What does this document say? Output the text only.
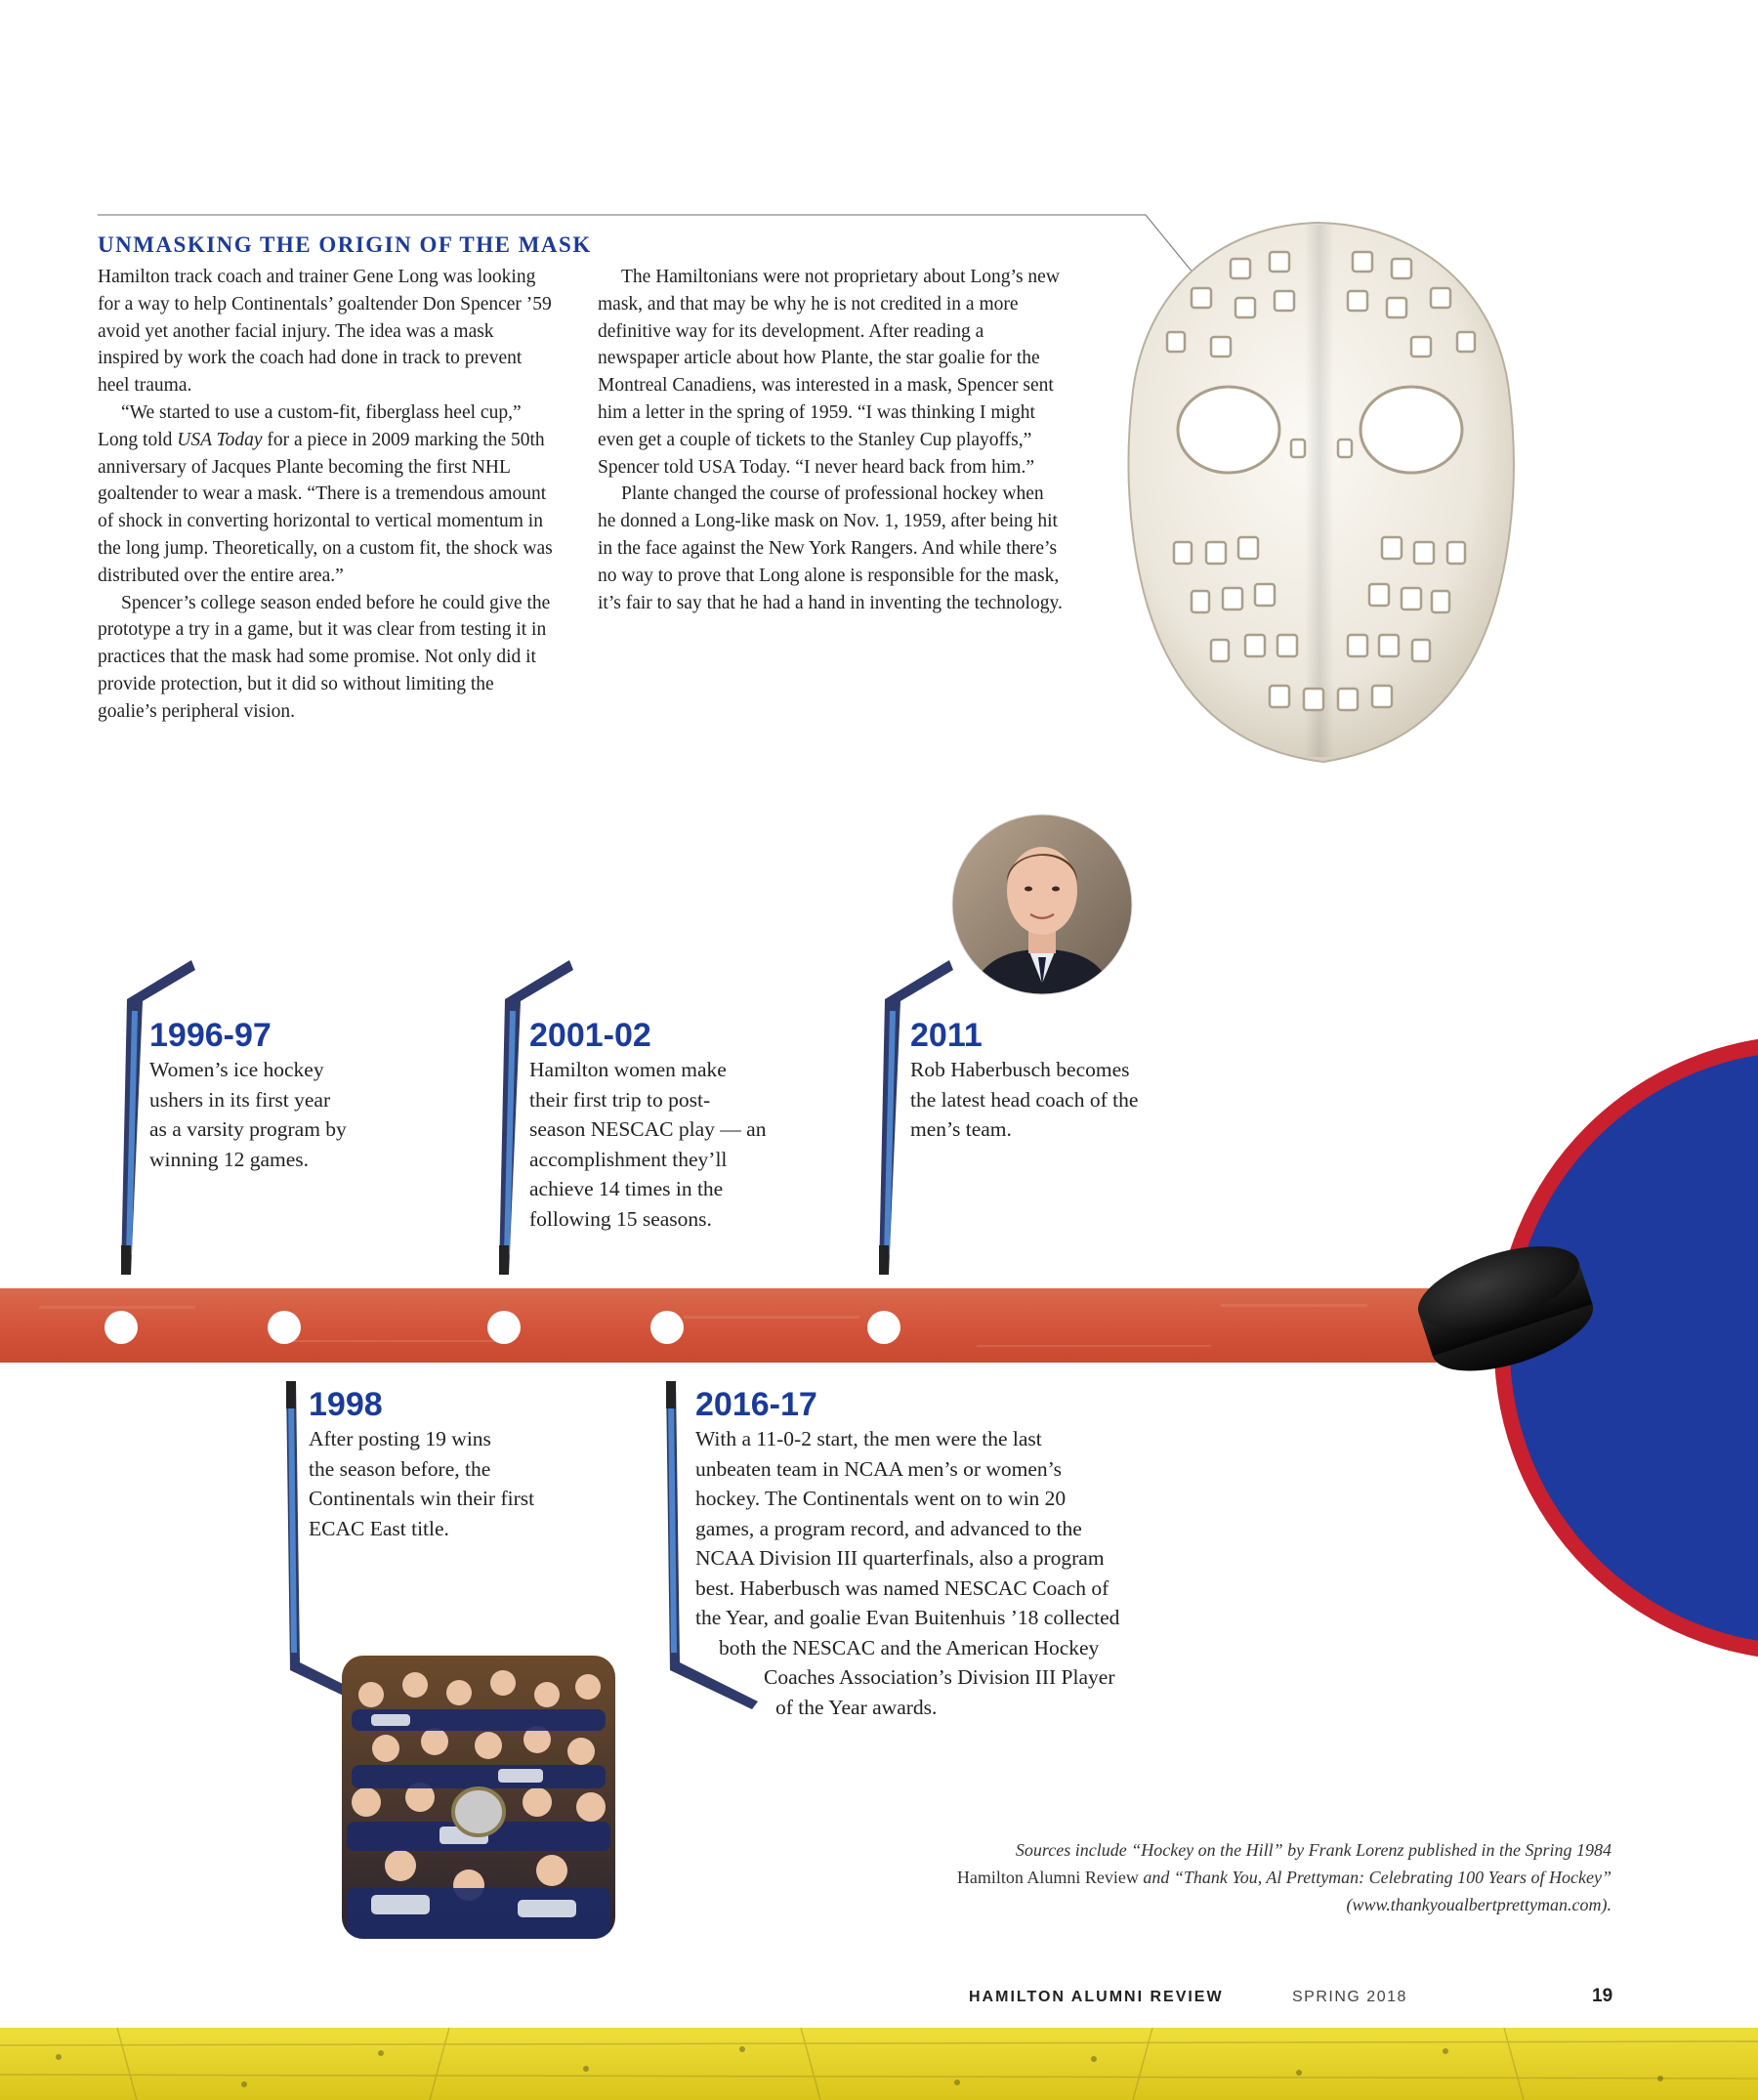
UNMASKING THE ORIGIN OF THE MASK

Hamilton track coach and trainer Gene Long was looking for a way to help Continentals’ goaltender Don Spencer ’59 avoid yet another facial injury. The idea was a mask inspired by work the coach had done in track to prevent heel trauma.

“We started to use a custom-fit, fiberglass heel cup,” Long told USA Today for a piece in 2009 marking the 50th anniversary of Jacques Plante becoming the first NHL goaltender to wear a mask. “There is a tremendous amount of shock in converting horizontal to vertical momentum in the long jump. Theoretically, on a custom fit, the shock was distributed over the entire area.”

Spencer’s college season ended before he could give the prototype a try in a game, but it was clear from testing it in practices that the mask had some promise. Not only did it provide protection, but it did so without limiting the goalie’s peripheral vision.

The Hamiltonians were not proprietary about Long’s new mask, and that may be why he is not credited in a more definitive way for its development. After reading a newspaper article about how Plante, the star goalie for the Montreal Canadiens, was interested in a mask, Spencer sent him a letter in the spring of 1959. “I was thinking I might even get a couple of tickets to the Stanley Cup playoffs,” Spencer told USA Today. “I never heard back from him.”

Plante changed the course of professional hockey when he donned a Long-like mask on Nov. 1, 1959, after being hit in the face against the New York Rangers. And while there’s no way to prove that Long alone is responsible for the mask, it’s fair to say that he had a hand in inventing the technology.

1996-97
Women’s ice hockey
ushers in its first year
as a varsity program by
winning 12 games.
2001-02
Hamilton women make
their first trip to post-
season NESCAC play — an
accomplishment they’ll
achieve 14 times in the
following 15 seasons.
2011
Rob Haberbusch becomes
the latest head coach of the
men’s team.
1998
After posting 19 wins
the season before, the
Continentals win their first
ECAC East title.
2016-17
With a 11-0-2 start, the men were the last
unbeaten team in NCAA men’s or women’s
hockey. The Continentals went on to win 20
games, a program record, and advanced to the
NCAA Division III quarterfinals, also a program
best. Haberbusch was named NESCAC Coach of
the Year, and goalie Evan Buitenhuis ’18 collected
both the NESCAC and the American Hockey
Coaches Association’s Division III Player
of the Year awards.
Sources include “Hockey on the Hill” by Frank Lorenz published in the Spring 1984 Hamilton Alumni Review and “Thank You, Al Prettyman: Celebrating 100 Years of Hockey” (www.thankyoualbertprettyman.com).
HAMILTON ALUMNI REVIEW	SPRING 2018	19
